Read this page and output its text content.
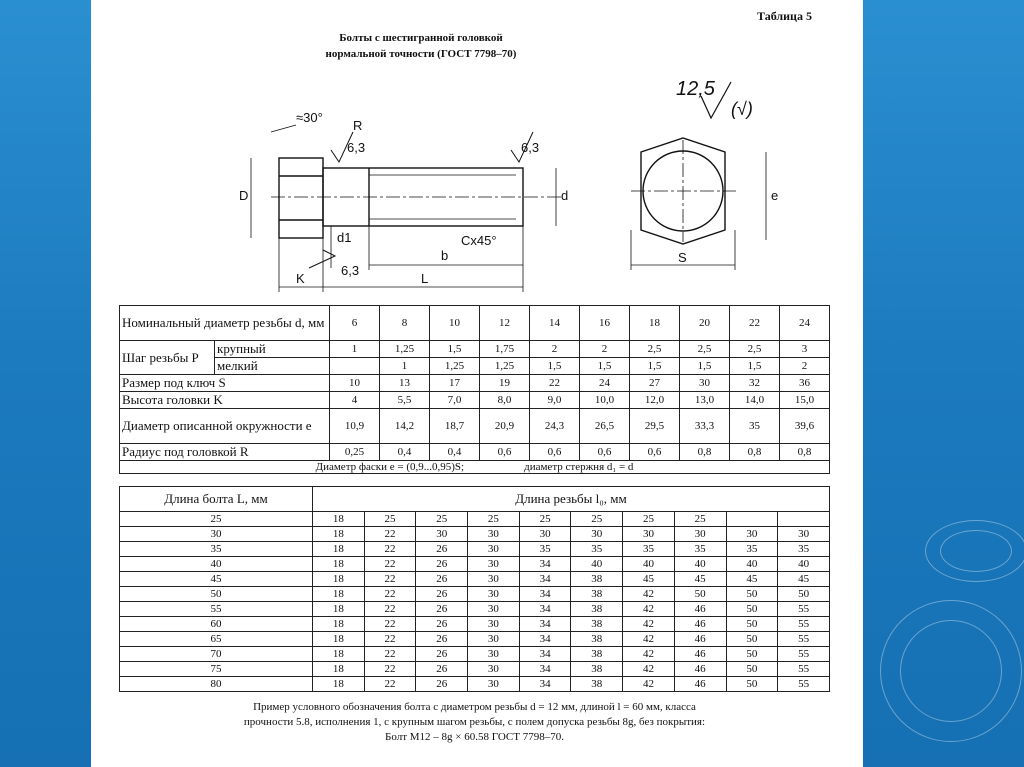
Таблица 5
Болты с шестигранной головкой
нормальной точности (ГОСТ 7798–70)
≈30°
R
6,3	6,3
6,3
12,5
(√)
Cx45°
D	d
d1
b
L
K
S
e
Номинальный диаметр резьбы d, мм		6	8	10	12	14	16	18	20	22	24
Шаг резьбы P	крупный	1	1,25	1,5	1,75	2	2	2,5	2,5	2,5	3
	мелкий		1	1,25	1,25	1,5	1,5	1,5	1,5	1,5	2
Размер под ключ S		10	13	17	19	22	24	27	30	32	36
Высота головки K		4	5,5	7,0	8,0	9,0	10,0	12,0	13,0	14,0	15,0
Диаметр описанной окружности e		10,9	14,2	18,7	20,9	24,3	26,5	29,5	33,3	35	39,6
Радиус под головкой R		0,25	0,4	0,4	0,6	0,6	0,6	0,6	0,8	0,8	0,8
Диаметр фаски e = (0,9...0,95)S; диаметр стержня d₁ = d											
Длина болта L, мм	Длина резьбы l₀, мм									
25	18	25	25	25	25	25	25	25		
30	18	22	30	30	30	30	30	30	30	30
35	18	22	26	30	35	35	35	35	35	35
40	18	22	26	30	34	40	40	40	40	40
45	18	22	26	30	34	38	45	45	45	45
50	18	22	26	30	34	38	42	50	50	50
55	18	22	26	30	34	38	42	46	50	55
60	18	22	26	30	34	38	42	46	50	55
65	18	22	26	30	34	38	42	46	50	55
70	18	22	26	30	34	38	42	46	50	55
75	18	22	26	30	34	38	42	46	50	55
80	18	22	26	30	34	38	42	46	50	55
Пример условного обозначения болта с диаметром резьбы d = 12 мм, длиной l = 60 мм, класса
прочности 5.8, исполнения 1, с крупным шагом резьбы, с полем допуска резьбы 8g, без покрытия:
Болт М12 – 8g × 60.58 ГОСТ 7798–70.
